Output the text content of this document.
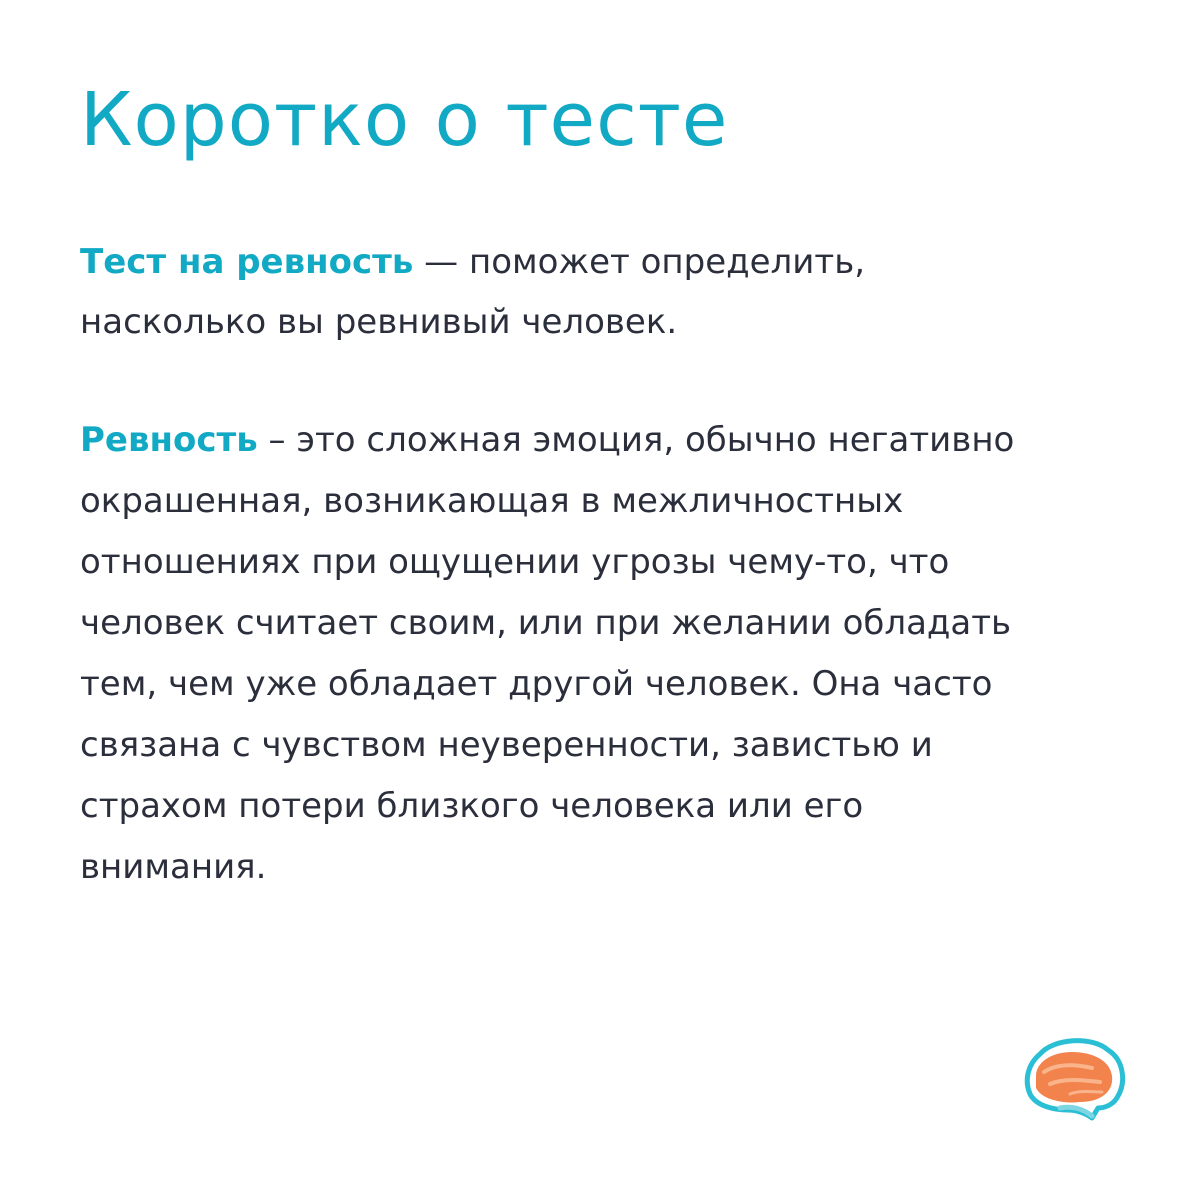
Коротко о тесте

Тест на ревность — поможет определить,
насколько вы ревнивый человек.

Ревность – это сложная эмоция, обычно негативно
окрашенная, возникающая в межличностных
отношениях при ощущении угрозы чему-то, что
человек считает своим, или при желании обладать
тем, чем уже обладает другой человек. Она часто
связана с чувством неуверенности, завистью и
страхом потери близкого человека или его
внимания.
